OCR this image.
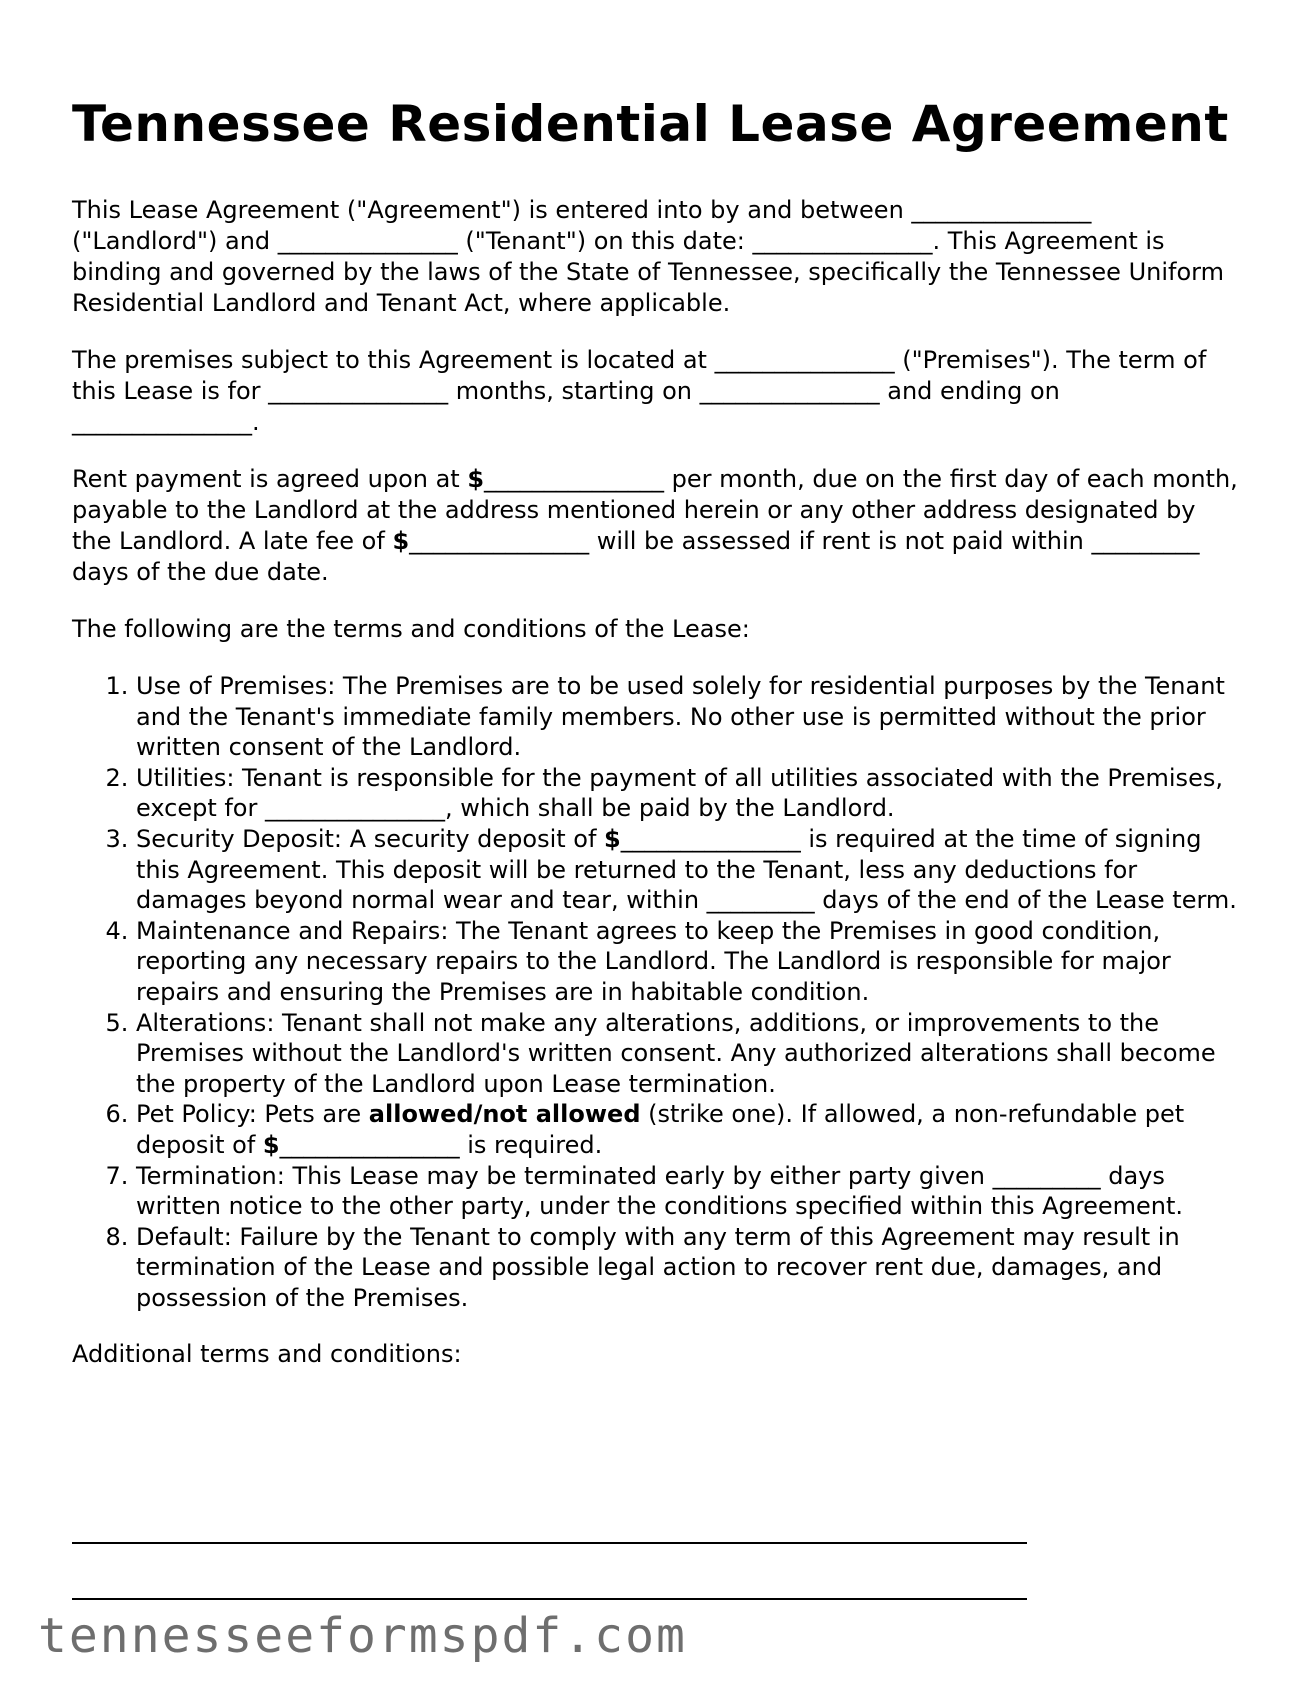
Tennessee Residential Lease Agreement

This Lease Agreement ("Agreement") is entered into by and between _______________ ("Landlord") and _______________ ("Tenant") on this date: _______________. This Agreement is binding and governed by the laws of the State of Tennessee, specifically the Tennessee Uniform Residential Landlord and Tenant Act, where applicable.

The premises subject to this Agreement is located at _______________ ("Premises"). The term of this Lease is for _______________ months, starting on _______________ and ending on _______________.

Rent payment is agreed upon at $_______________ per month, due on the first day of each month, payable to the Landlord at the address mentioned herein or any other address designated by the Landlord. A late fee of $_______________ will be assessed if rent is not paid within _________ days of the due date.

The following are the terms and conditions of the Lease:

1. Use of Premises: The Premises are to be used solely for residential purposes by the Tenant and the Tenant's immediate family members. No other use is permitted without the prior written consent of the Landlord.
2. Utilities: Tenant is responsible for the payment of all utilities associated with the Premises, except for _______________, which shall be paid by the Landlord.
3. Security Deposit: A security deposit of $_______________ is required at the time of signing this Agreement. This deposit will be returned to the Tenant, less any deductions for damages beyond normal wear and tear, within _________ days of the end of the Lease term.
4. Maintenance and Repairs: The Tenant agrees to keep the Premises in good condition, reporting any necessary repairs to the Landlord. The Landlord is responsible for major repairs and ensuring the Premises are in habitable condition.
5. Alterations: Tenant shall not make any alterations, additions, or improvements to the Premises without the Landlord's written consent. Any authorized alterations shall become the property of the Landlord upon Lease termination.
6. Pet Policy: Pets are allowed/not allowed (strike one). If allowed, a non-refundable pet deposit of $_______________ is required.
7. Termination: This Lease may be terminated early by either party given _________ days written notice to the other party, under the conditions specified within this Agreement.
8. Default: Failure by the Tenant to comply with any term of this Agreement may result in termination of the Lease and possible legal action to recover rent due, damages, and possession of the Premises.

Additional terms and conditions:

tennesseeformspdf.com
